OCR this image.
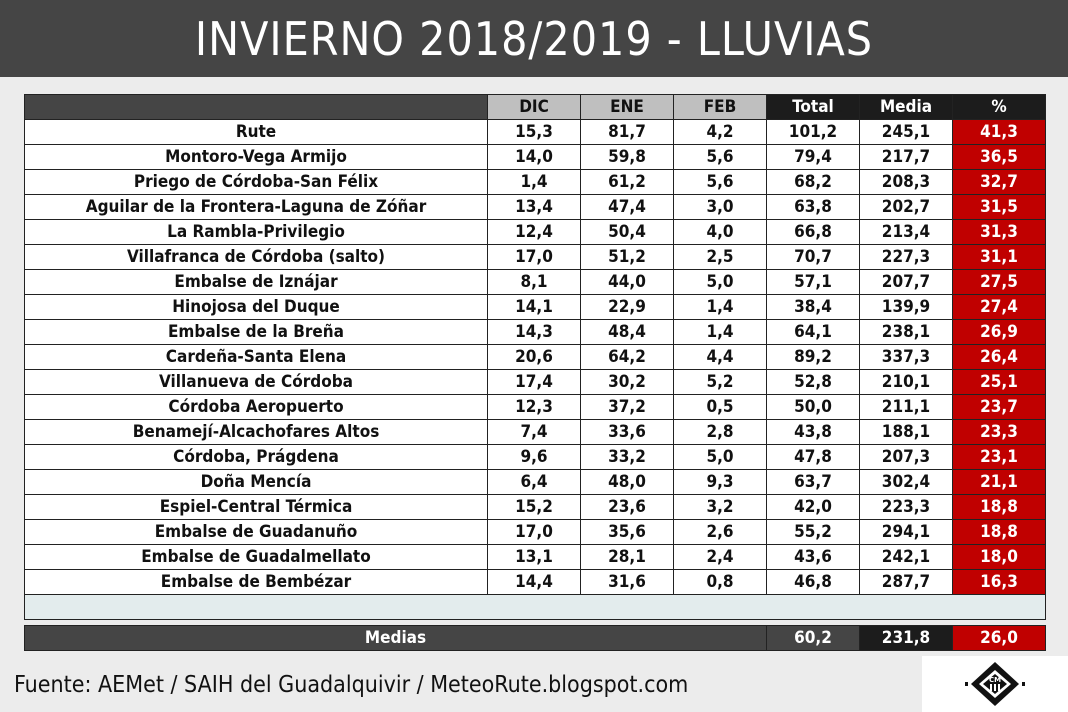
INVIERNO 2018/2019 - LLUVIAS
	DIC	ENE	FEB	Total	Media	%
Rute	15,3	81,7	4,2	101,2	245,1	41,3
Montoro-Vega Armijo	14,0	59,8	5,6	79,4	217,7	36,5
Priego de Córdoba-San Félix	1,4	61,2	5,6	68,2	208,3	32,7
Aguilar de la Frontera-Laguna de Zóñar	13,4	47,4	3,0	63,8	202,7	31,5
La Rambla-Privilegio	12,4	50,4	4,0	66,8	213,4	31,3
Villafranca de Córdoba (salto)	17,0	51,2	2,5	70,7	227,3	31,1
Embalse de Iznájar	8,1	44,0	5,0	57,1	207,7	27,5
Hinojosa del Duque	14,1	22,9	1,4	38,4	139,9	27,4
Embalse de la Breña	14,3	48,4	1,4	64,1	238,1	26,9
Cardeña-Santa Elena	20,6	64,2	4,4	89,2	337,3	26,4
Villanueva de Córdoba	17,4	30,2	5,2	52,8	210,1	25,1
Córdoba Aeropuerto	12,3	37,2	0,5	50,0	211,1	23,7
Benamejí-Alcachofares Altos	7,4	33,6	2,8	43,8	188,1	23,3
Córdoba, Prágdena	9,6	33,2	5,0	47,8	207,3	23,1
Doña Mencía	6,4	48,0	9,3	63,7	302,4	21,1
Espiel-Central Térmica	15,2	23,6	3,2	42,0	223,3	18,8
Embalse de Guadanuño	17,0	35,6	2,6	55,2	294,1	18,8
Embalse de Guadalmellato	13,1	28,1	2,4	43,6	242,1	18,0
Embalse de Bembézar	14,4	31,6	0,8	46,8	287,7	16,3

Medias				60,2	231,8	26,0
Fuente: AEMet / SAIH del Guadalquivir / MeteoRute.blogspot.com	CM
